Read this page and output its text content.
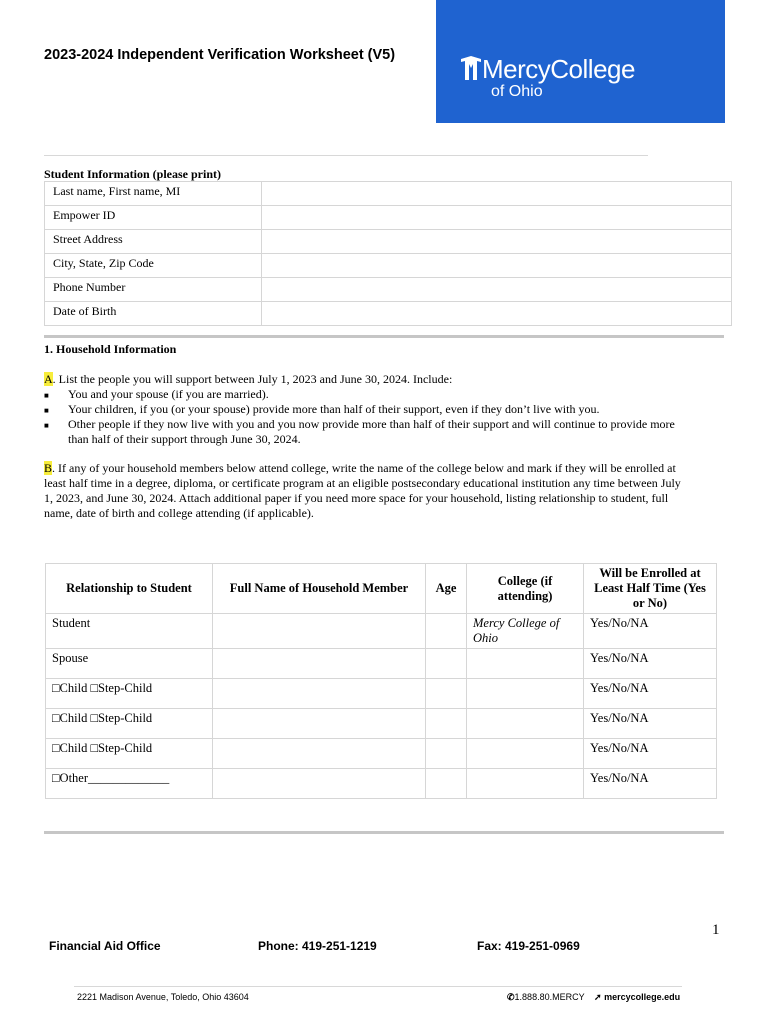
2023-2024 Independent Verification Worksheet (V5)	MercyCollege
of Ohio
Student Information (please print)
Last name, First name, MI	
Empower ID	
Street Address	
City, State, Zip Code	
Phone Number	
Date of Birth	
1. Household Information
A. List the people you will support between July 1, 2023 and June 30, 2024. Include:
■ You and your spouse (if you are married).
■ Your children, if you (or your spouse) provide more than half of their support, even if they don’t live with you.
■ Other people if they now live with you and you now provide more than half of their support and will continue to provide more
than half of their support through June 30, 2024.
B. If any of your household members below attend college, write the name of the college below and mark if they will be enrolled at
least half time in a degree, diploma, or certificate program at an eligible postsecondary educational institution any time between July
1, 2023, and June 30, 2024. Attach additional paper if you need more space for your household, listing relationship to student, full
name, date of birth and college attending (if applicable).
Relationship to Student	Full Name of Household Member	Age	College (if attending)	Will be Enrolled at Least Half Time (Yes or No)
Student			Mercy College of Ohio	Yes/No/NA
Spouse				Yes/No/NA
□Child □Step-Child				Yes/No/NA
□Child □Step-Child				Yes/No/NA
□Child □Step-Child				Yes/No/NA
□Other_____________				Yes/No/NA
1
Financial Aid Office	Phone: 419-251-1219	Fax: 419-251-0969
2221 Madison Avenue, Toledo, Ohio 43604	✆1.888.80.MERCY ➚ mercycollege.edu
